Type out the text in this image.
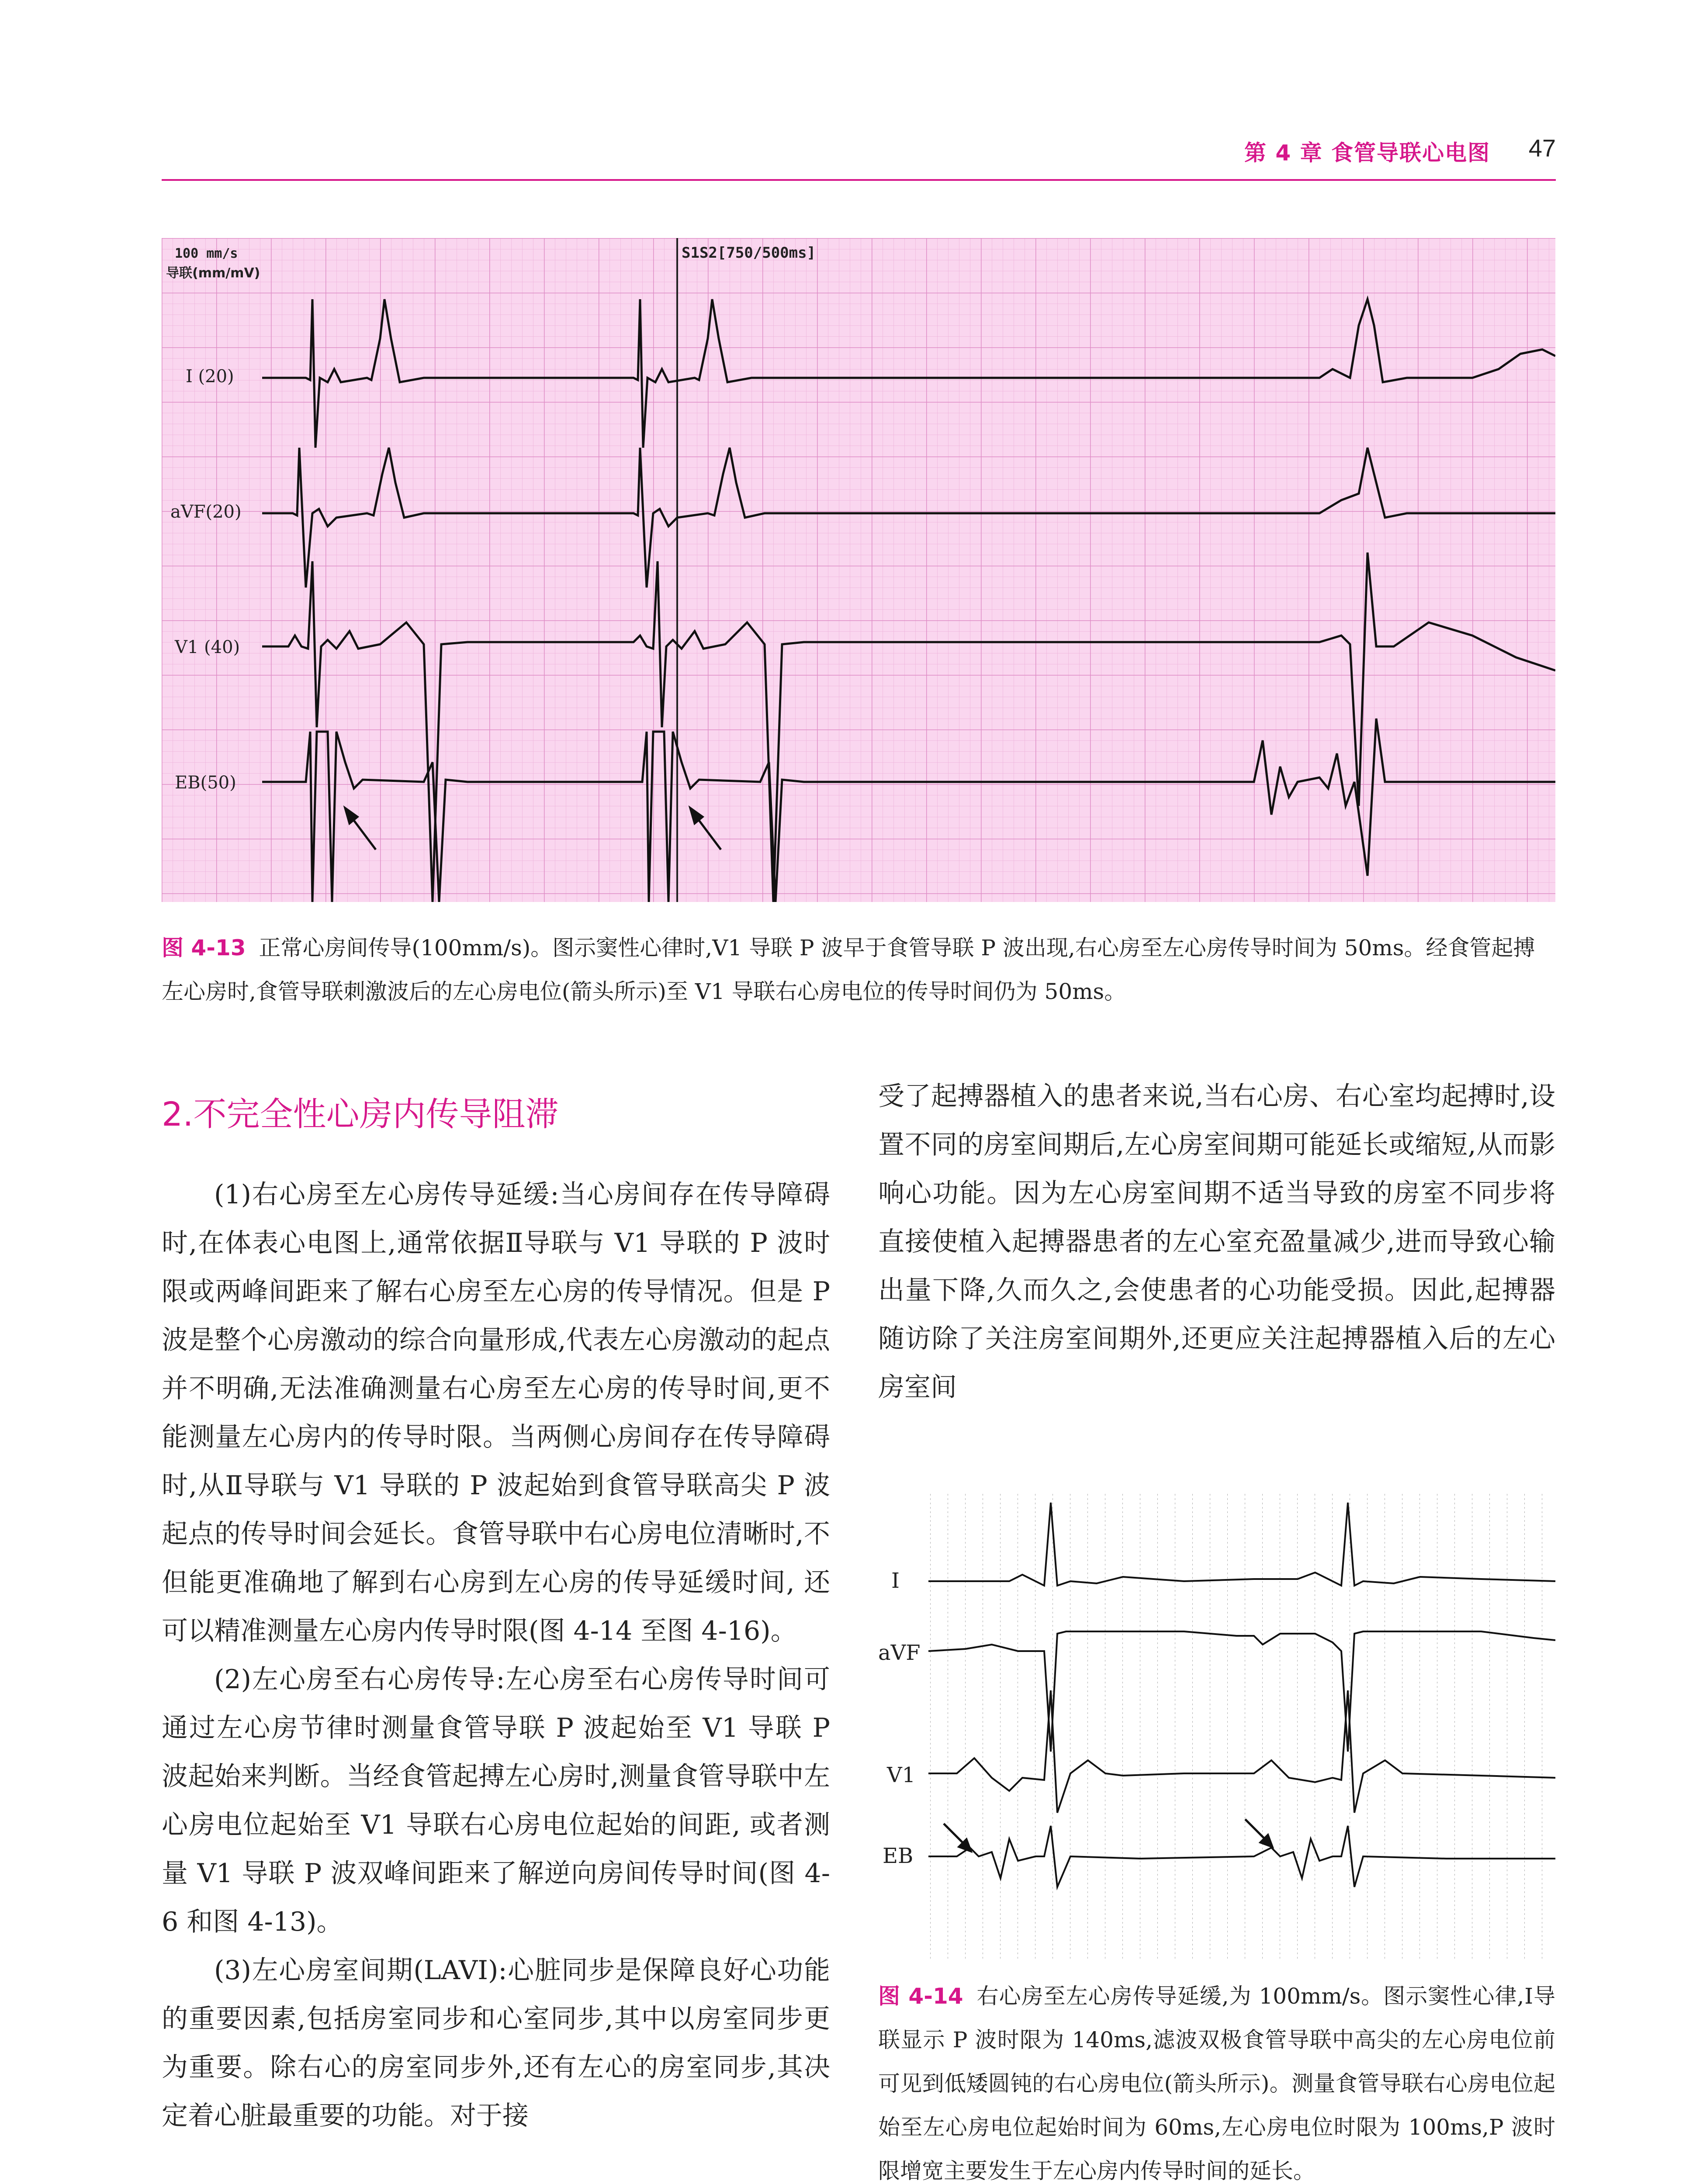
第 4 章 食管导联心电图 47
100 mm/s
导联(mm/mV)
S1S2[750/500ms]
I (20)
aVF(20)
V1 (40)
EB(50)
图 4-13 正常心房间传导(100mm/s)。图示窦性心律时,V1 导联 P 波早于食管导联 P 波出现,右心房至左心房传导时间为 50ms。经食管起搏左心房时,食管导联刺激波后的左心房电位(箭头所示)至 V1 导联右心房电位的传导时间仍为 50ms。
2.不完全性心房内传导阻滞

(1)右心房至左心房传导延缓:当心房间存在传导障碍时,在体表心电图上,通常依据Ⅱ导联与 V1 导联的 P 波时限或两峰间距来了解右心房至左心房的传导情况。但是 P 波是整个心房激动的综合向量形成,代表左心房激动的起点并不明确,无法准确测量右心房至左心房的传导时间,更不能测量左心房内的传导时限。当两侧心房间存在传导障碍时,从Ⅱ导联与 V1 导联的 P 波起始到食管导联高尖 P 波起点的传导时间会延长。食管导联中右心房电位清晰时,不但能更准确地了解到右心房到左心房的传导延缓时间, 还可以精准测量左心房内传导时限(图 4-14 至图 4-16)。

(2)左心房至右心房传导:左心房至右心房传导时间可通过左心房节律时测量食管导联 P 波起始至 V1 导联 P 波起始来判断。当经食管起搏左心房时,测量食管导联中左心房电位起始至 V1 导联右心房电位起始的间距, 或者测量 V1 导联 P 波双峰间距来了解逆向房间传导时间(图 4-6 和图 4-13)。

(3)左心房室间期(LAVI):心脏同步是保障良好心功能的重要因素,包括房室同步和心室同步,其中以房室同步更为重要。除右心的房室同步外,还有左心的房室同步,其决定着心脏最重要的功能。对于接

受了起搏器植入的患者来说,当右心房、右心室均起搏时,设置不同的房室间期后,左心房室间期可能延长或缩短,从而影响心功能。因为左心房室间期不适当导致的房室不同步将直接使植入起搏器患者的左心室充盈量减少,进而导致心输出量下降,久而久之,会使患者的心功能受损。因此,起搏器随访除了关注房室间期外,还更应关注起搏器植入后的左心房室间

I
aVF
V1
EB
图 4-14 右心房至左心房传导延缓,为 100mm/s。图示窦性心律,Ⅰ导联显示 P 波时限为 140ms,滤波双极食管导联中高尖的左心房电位前可见到低矮圆钝的右心房电位(箭头所示)。测量食管导联右心房电位起始至左心房电位起始时间为 60ms,左心房电位时限为 100ms,P 波时限增宽主要发生于左心房内传导时间的延长。
